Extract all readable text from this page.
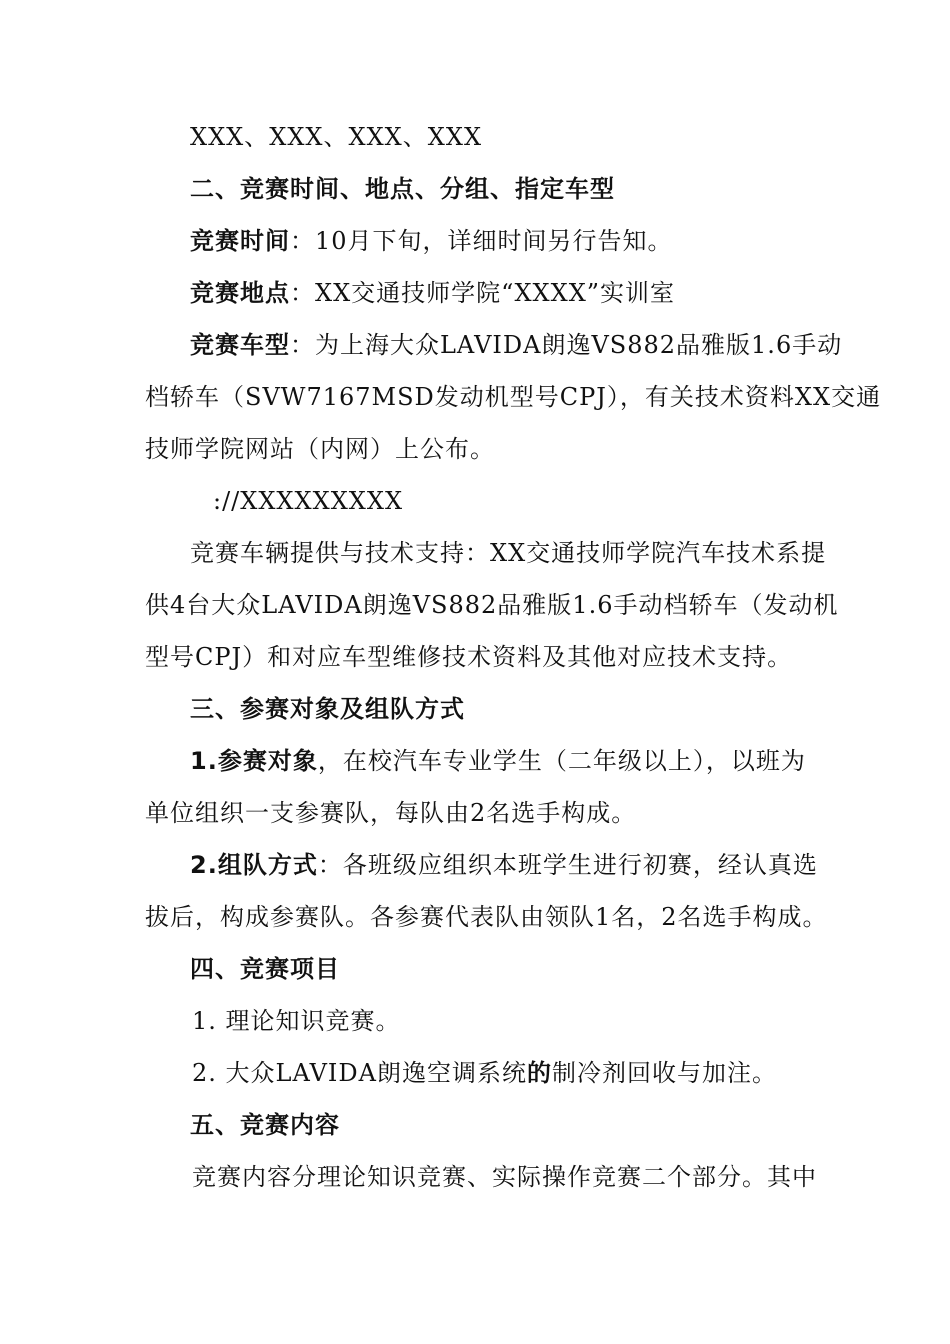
XXX、XXX、XXX、XXX
二、竞赛时间、地点、分组、指定车型
竞赛时间：10月下旬，详细时间另行告知。
竞赛地点：XX交通技师学院“XXXX”实训室
竞赛车型：为上海大众LAVIDA朗逸VS882品雅版1.6手动
档轿车（SVW7167MSD发动机型号CPJ），有关技术资料XX交通
技师学院网站（内网）上公布。
://XXXXXXXXX
竞赛车辆提供与技术支持：XX交通技师学院汽车技术系提
供4台大众LAVIDA朗逸VS882品雅版1.6手动档轿车（发动机
型号CPJ）和对应车型维修技术资料及其他对应技术支持。
三、参赛对象及组队方式
1.参赛对象，在校汽车专业学生（二年级以上），以班为
单位组织一支参赛队，每队由2名选手构成。
2.组队方式：各班级应组织本班学生进行初赛，经认真选
拔后，构成参赛队。各参赛代表队由领队1名，2名选手构成。
四、竞赛项目
1. 理论知识竞赛。
2. 大众LAVIDA朗逸空调系统的制冷剂回收与加注。
五、竞赛内容
竞赛内容分理论知识竞赛、实际操作竞赛二个部分。其中
